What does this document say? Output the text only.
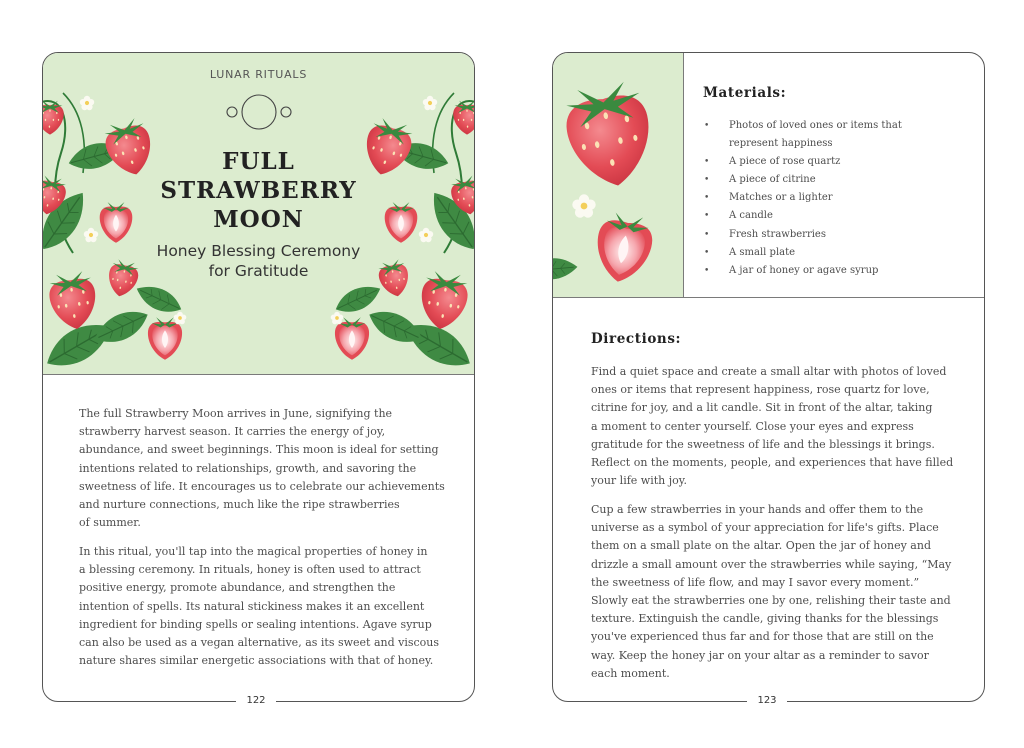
LUNAR RITUALS
FULL
STRAWBERRY
MOON
Honey Blessing Ceremony
for Gratitude
The full Strawberry Moon arrives in June, signifying the
strawberry harvest season. It carries the energy of joy,
abundance, and sweet beginnings. This moon is ideal for setting
intentions related to relationships, growth, and savoring the
sweetness of life. It encourages us to celebrate our achievements
and nurture connections, much like the ripe strawberries
of summer.
In this ritual, you'll tap into the magical properties of honey in
a blessing ceremony. In rituals, honey is often used to attract
positive energy, promote abundance, and strengthen the
intention of spells. Its natural stickiness makes it an excellent
ingredient for binding spells or sealing intentions. Agave syrup
can also be used as a vegan alternative, as its sweet and viscous
nature shares similar energetic associations with that of honey.
122
Materials:
• Photos of loved ones or items that
represent happiness
• A piece of rose quartz
• A piece of citrine
• Matches or a lighter
• A candle
• Fresh strawberries
• A small plate
• A jar of honey or agave syrup
Directions:
Find a quiet space and create a small altar with photos of loved
ones or items that represent happiness, rose quartz for love,
citrine for joy, and a lit candle. Sit in front of the altar, taking
a moment to center yourself. Close your eyes and express
gratitude for the sweetness of life and the blessings it brings.
Reflect on the moments, people, and experiences that have filled
your life with joy.
Cup a few strawberries in your hands and offer them to the
universe as a symbol of your appreciation for life's gifts. Place
them on a small plate on the altar. Open the jar of honey and
drizzle a small amount over the strawberries while saying, “May
the sweetness of life flow, and may I savor every moment.”
Slowly eat the strawberries one by one, relishing their taste and
texture. Extinguish the candle, giving thanks for the blessings
you've experienced thus far and for those that are still on the
way. Keep the honey jar on your altar as a reminder to savor
each moment.
123
